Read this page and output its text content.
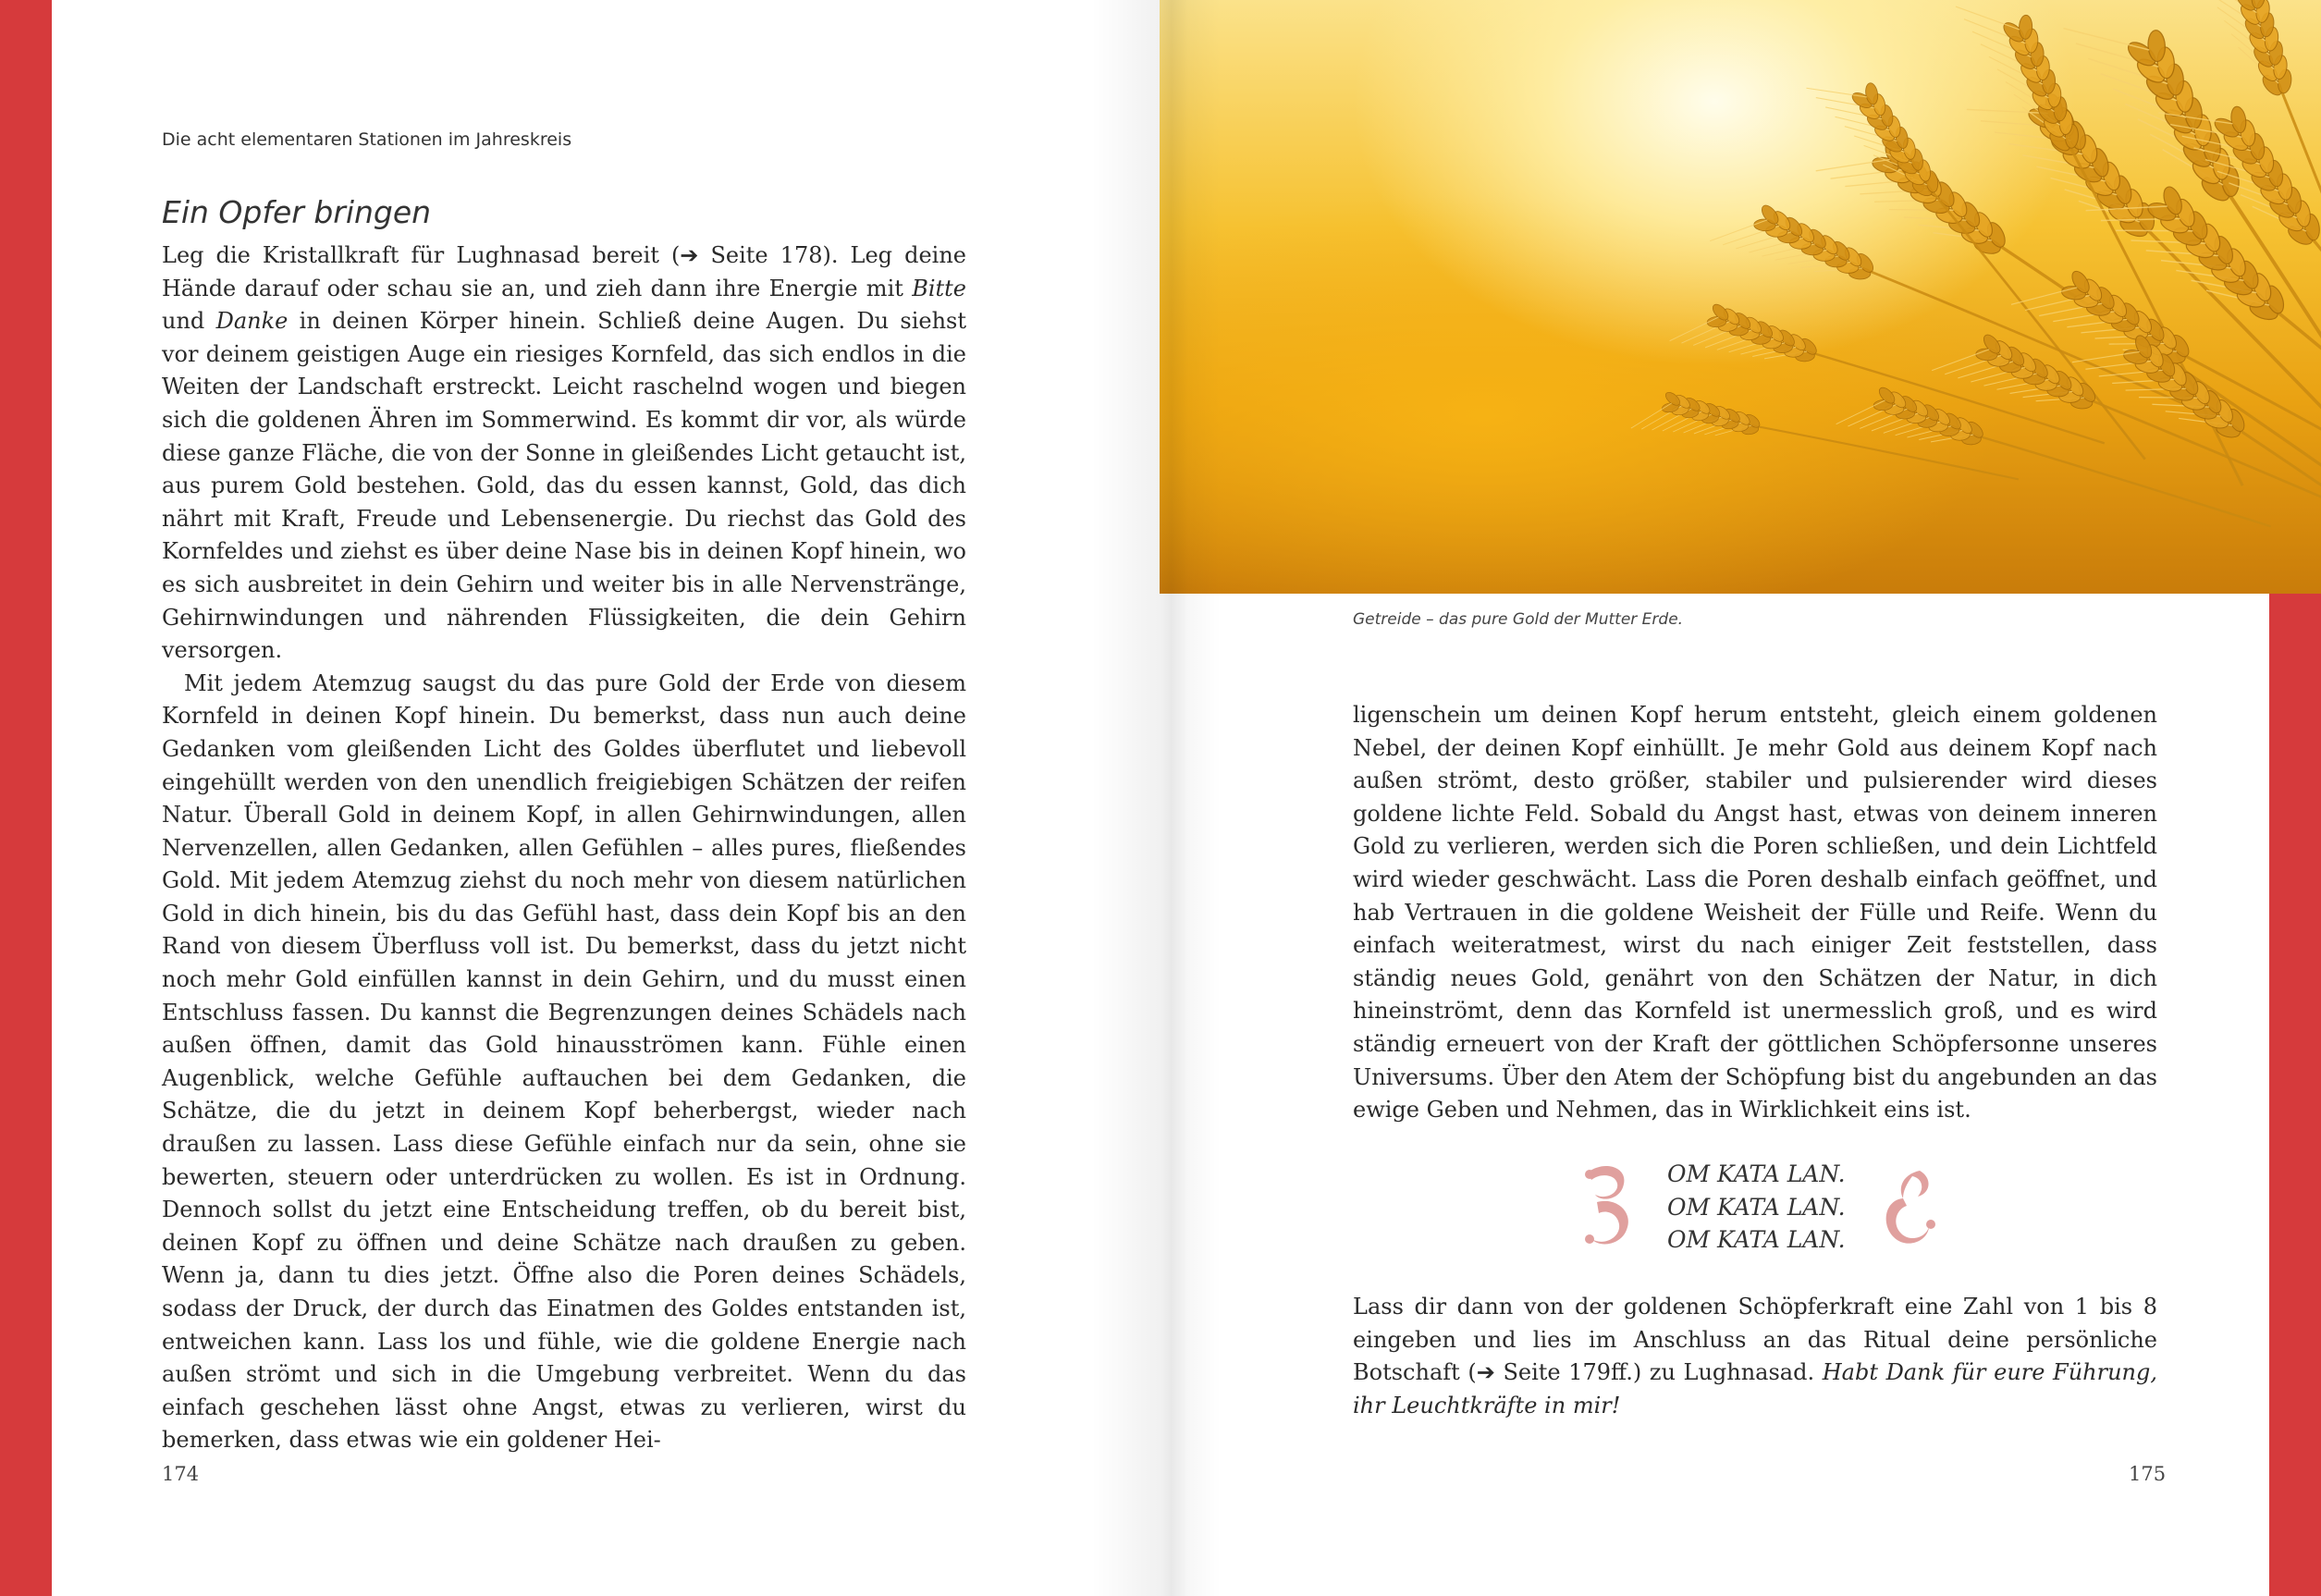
Die acht elementaren Stationen im Jahreskreis
Ein Opfer bringen

Leg die Kristallkraft für Lughnasad bereit (➔ Seite 178). Leg deine Hände darauf oder schau sie an, und zieh dann ihre Energie mit Bitte und Danke in deinen Körper hinein. Schließ deine Augen. Du siehst vor deinem geistigen Auge ein riesiges Kornfeld, das sich endlos in die Weiten der Landschaft erstreckt. Leicht raschelnd wogen und biegen sich die goldenen Ähren im Sommerwind. Es kommt dir vor, als würde diese ganze Fläche, die von der Sonne in gleißendes Licht getaucht ist, aus purem Gold bestehen. Gold, das du essen kannst, Gold, das dich nährt mit Kraft, Freude und Lebensenergie. Du riechst das Gold des Kornfeldes und ziehst es über deine Nase bis in deinen Kopf hinein, wo es sich ausbreitet in dein Gehirn und weiter bis in alle Nervenstränge, Gehirnwindungen und nährenden Flüssigkeiten, die dein Gehirn versorgen.

Mit jedem Atemzug saugst du das pure Gold der Erde von diesem Kornfeld in deinen Kopf hinein. Du bemerkst, dass nun auch deine Gedanken vom gleißenden Licht des Goldes überflutet und liebevoll eingehüllt werden von den unendlich freigiebigen Schätzen der reifen Natur. Überall Gold in deinem Kopf, in allen Gehirnwindungen, allen Nervenzellen, allen Gedanken, allen Gefühlen – alles pures, fließendes Gold. Mit jedem Atemzug ziehst du noch mehr von diesem natürlichen Gold in dich hinein, bis du das Gefühl hast, dass dein Kopf bis an den Rand von diesem Überfluss voll ist. Du bemerkst, dass du jetzt nicht noch mehr Gold einfüllen kannst in dein Gehirn, und du musst einen Entschluss fassen. Du kannst die Begrenzungen deines Schädels nach außen öffnen, damit das Gold hinausströmen kann. Fühle einen Augenblick, welche Gefühle auftauchen bei dem Gedanken, die Schätze, die du jetzt in deinem Kopf beherbergst, wieder nach draußen zu lassen. Lass diese Gefühle einfach nur da sein, ohne sie bewerten, steuern oder unterdrücken zu wollen. Es ist in Ordnung. Dennoch sollst du jetzt eine Entscheidung treffen, ob du bereit bist, deinen Kopf zu öffnen und deine Schätze nach draußen zu geben. Wenn ja, dann tu dies jetzt. Öffne also die Poren deines Schädels, sodass der Druck, der durch das Einatmen des Goldes entstanden ist, entweichen kann. Lass los und fühle, wie die goldene Energie nach außen strömt und sich in die Umgebung verbreitet. Wenn du das einfach geschehen lässt ohne Angst, etwas zu verlieren, wirst du bemerken, dass etwas wie ein goldener Hei-

174
Getreide – das pure Gold der Mutter Erde.

ligenschein um deinen Kopf herum entsteht, gleich einem goldenen Nebel, der deinen Kopf einhüllt. Je mehr Gold aus deinem Kopf nach außen strömt, desto größer, stabiler und pulsierender wird dieses goldene lichte Feld. Sobald du Angst hast, etwas von deinem inneren Gold zu verlieren, werden sich die Poren schließen, und dein Lichtfeld wird wieder geschwächt. Lass die Poren deshalb einfach geöffnet, und hab Vertrauen in die goldene Weisheit der Fülle und Reife. Wenn du einfach weiteratmest, wirst du nach einiger Zeit feststellen, dass ständig neues Gold, genährt von den Schätzen der Natur, in dich hineinströmt, denn das Kornfeld ist unermesslich groß, und es wird ständig erneuert von der Kraft der göttlichen Schöpfersonne unseres Universums. Über den Atem der Schöpfung bist du angebunden an das ewige Geben und Nehmen, das in Wirklichkeit eins ist.

OM KATA LAN.
OM KATA LAN.
OM KATA LAN.

Lass dir dann von der goldenen Schöpferkraft eine Zahl von 1 bis 8 eingeben und lies im Anschluss an das Ritual deine persönliche Botschaft (➔ Seite 179ff.) zu Lughnasad. Habt Dank für eure Führung, ihr Leuchtkräfte in mir!

175
